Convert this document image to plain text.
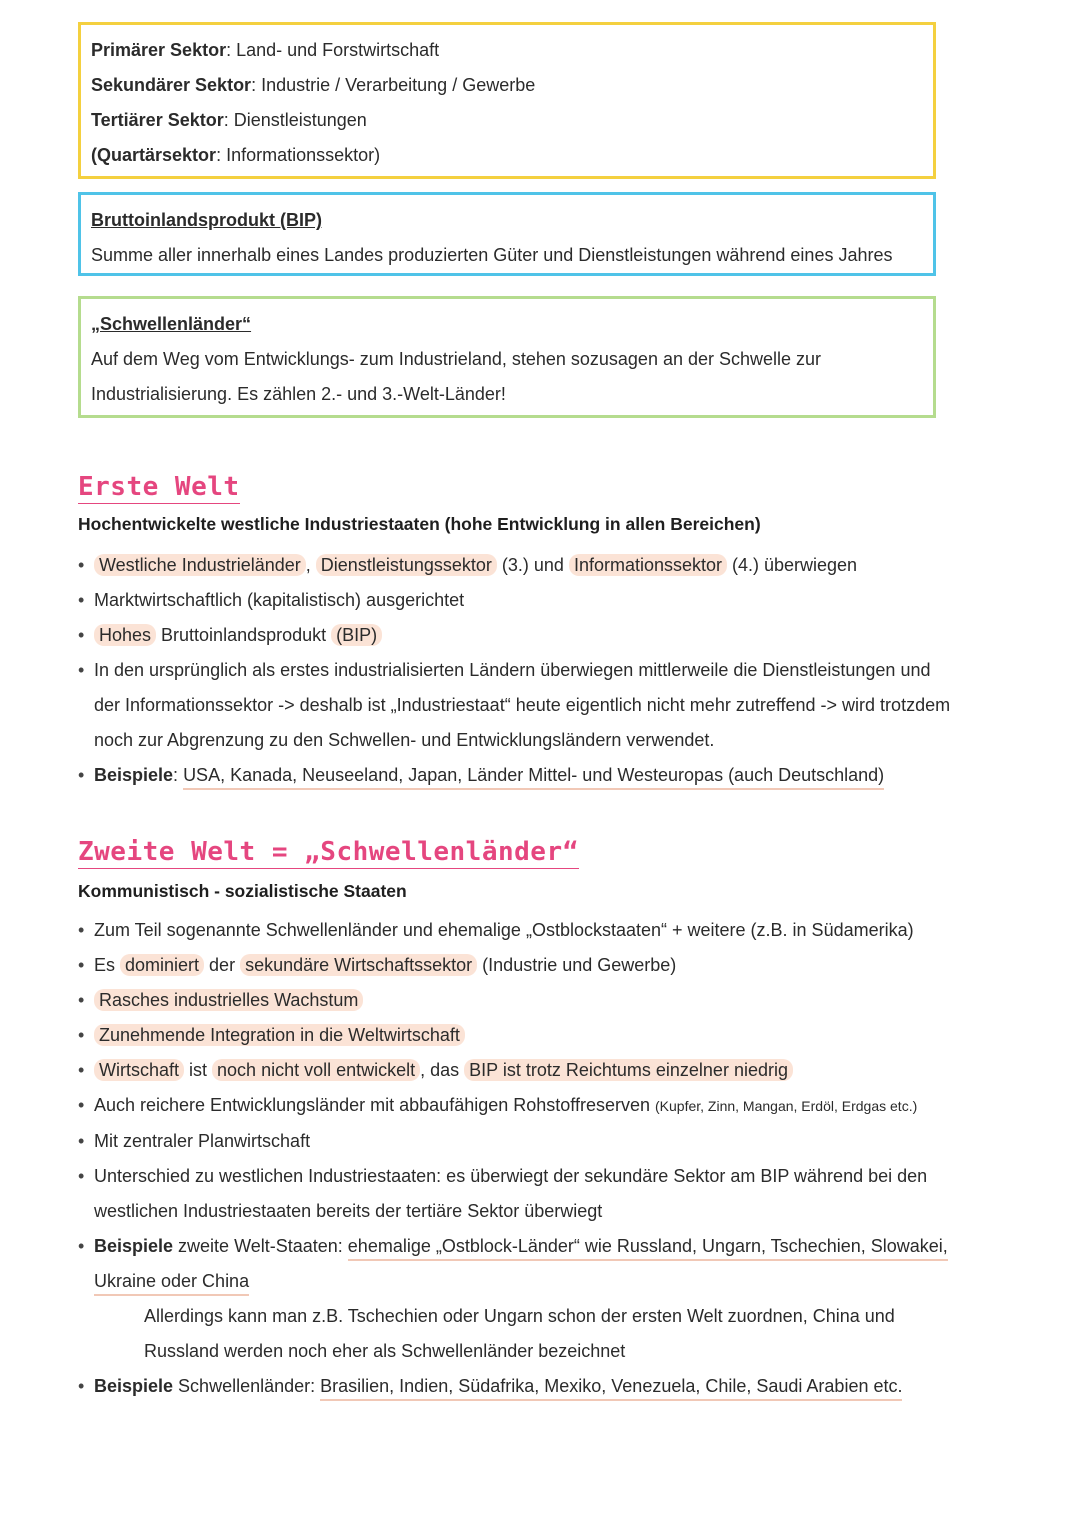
Primärer Sektor: Land- und Forstwirtschaft
Sekundärer Sektor: Industrie / Verarbeitung / Gewerbe
Tertiärer Sektor: Dienstleistungen
(Quartärsektor: Informationssektor)
Bruttoinlandsprodukt (BIP)
Summe aller innerhalb eines Landes produzierten Güter und Dienstleistungen während eines Jahres
„Schwellenländer“
Auf dem Weg vom Entwicklungs- zum Industrieland, stehen sozusagen an der Schwelle zur
Industrialisierung. Es zählen 2.- und 3.-Welt-Länder!
Erste Welt
Hochentwickelte westliche Industriestaaten (hohe Entwicklung in allen Bereichen)
• Westliche Industrieländer , Dienstleistungssektor (3.) und Informationssektor (4.) überwiegen
• Marktwirtschaftlich (kapitalistisch) ausgerichtet
• Hohes Bruttoinlandsprodukt (BIP)
• In den ursprünglich als erstes industrialisierten Ländern überwiegen mittlerweile die Dienstleistungen und
der Informationssektor -> deshalb ist „Industriestaat“ heute eigentlich nicht mehr zutreffend -> wird trotzdem
noch zur Abgrenzung zu den Schwellen- und Entwicklungsländern verwendet.
• Beispiele: USA, Kanada, Neuseeland, Japan, Länder Mittel- und Westeuropas (auch Deutschland)
Zweite Welt = „Schwellenländer“
Kommunistisch - sozialistische Staaten
• Zum Teil sogenannte Schwellenländer und ehemalige „Ostblockstaaten“ + weitere (z.B. in Südamerika)
• Es dominiert der sekundäre Wirtschaftssektor (Industrie und Gewerbe)
• Rasches industrielles Wachstum
• Zunehmende Integration in die Weltwirtschaft
• Wirtschaft ist noch nicht voll entwickelt , das BIP ist trotz Reichtums einzelner niedrig
• Auch reichere Entwicklungsländer mit abbaufähigen Rohstoffreserven (Kupfer, Zinn, Mangan, Erdöl, Erdgas etc.)
• Mit zentraler Planwirtschaft
• Unterschied zu westlichen Industriestaaten: es überwiegt der sekundäre Sektor am BIP während bei den
westlichen Industriestaaten bereits der tertiäre Sektor überwiegt
• Beispiele zweite Welt-Staaten: ehemalige „Ostblock-Länder“ wie Russland, Ungarn, Tschechien, Slowakei,
Ukraine oder China
Allerdings kann man z.B. Tschechien oder Ungarn schon der ersten Welt zuordnen, China und
Russland werden noch eher als Schwellenländer bezeichnet
• Beispiele Schwellenländer: Brasilien, Indien, Südafrika, Mexiko, Venezuela, Chile, Saudi Arabien etc.
